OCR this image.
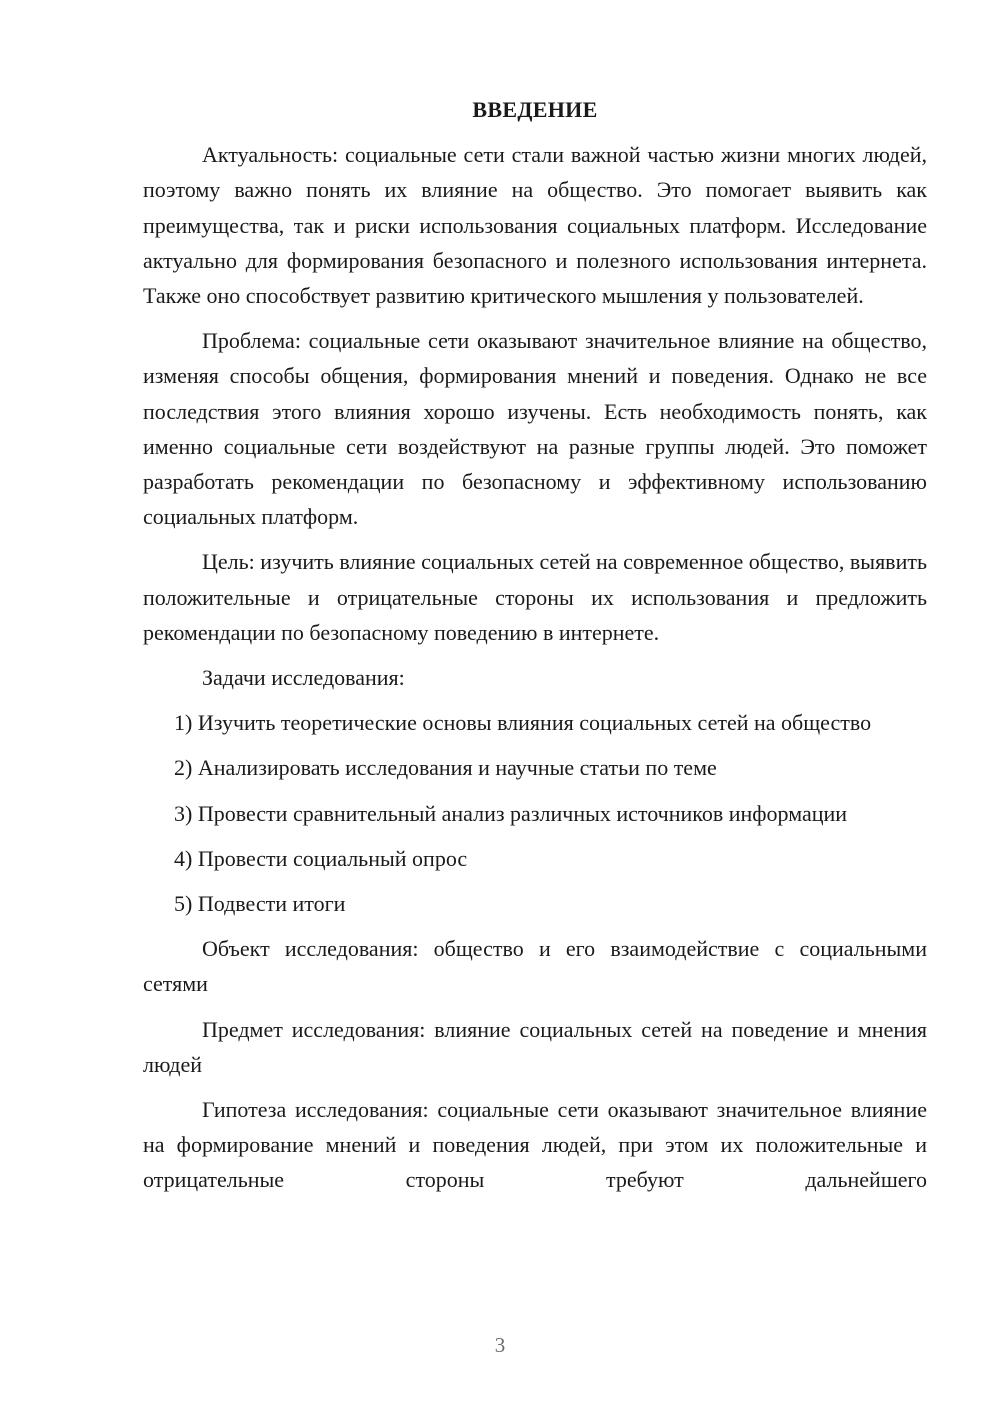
ВВЕДЕНИЕ

Актуальность: социальные сети стали важной частью жизни многих людей, поэтому важно понять их влияние на общество. Это помогает выявить как преимущества, так и риски использования социальных платформ. Исследование актуально для формирования безопасного и полезного использования интернета. Также оно способствует развитию критического мышления у пользователей.

Проблема: социальные сети оказывают значительное влияние на общество, изменяя способы общения, формирования мнений и поведения. Однако не все последствия этого влияния хорошо изучены. Есть необходимость понять, как именно социальные сети воздействуют на разные группы людей. Это поможет разработать рекомендации по безопасному и эффективному использованию социальных платформ.

Цель: изучить влияние социальных сетей на современное общество, выявить положительные и отрицательные стороны их использования и предложить рекомендации по безопасному поведению в интернете.

Задачи исследования:

1) Изучить теоретические основы влияния социальных сетей на общество

2) Анализировать исследования и научные статьи по теме

3) Провести сравнительный анализ различных источников информации

4) Провести социальный опрос

5) Подвести итоги

Объект исследования: общество и его взаимодействие с социальными сетями

Предмет исследования: влияние социальных сетей на поведение и мнения людей

Гипотеза исследования: социальные сети оказывают значительное влияние на формирование мнений и поведения людей, при этом их положительные и отрицательные стороны требуют дальнейшего

3
